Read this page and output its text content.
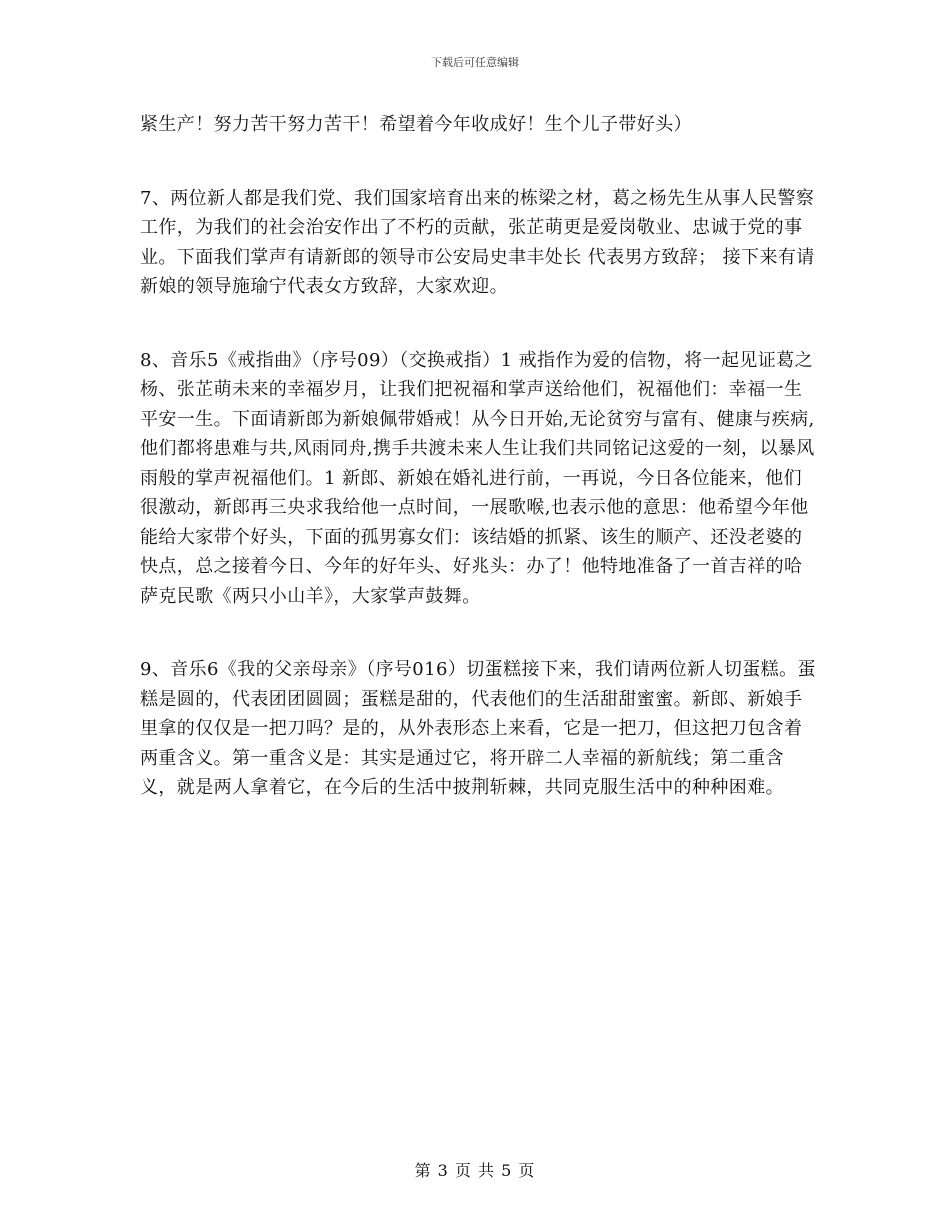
下载后可任意编辑

紧生产！努力苦干努力苦干！希望着今年收成好！生个儿子带好头）

7、两位新人都是我们党、我们国家培育出来的栋梁之材，葛之杨先生从事人民警察工作，为我们的社会治安作出了不朽的贡献，张芷萌更是爱岗敬业、忠诚于党的事业。下面我们掌声有请新郎的领导市公安局史聿丰处长 代表男方致辞； 接下来有请新娘的领导施瑜宁代表女方致辞，大家欢迎。

8、音乐5《戒指曲》（序号09）（交换戒指）1 戒指作为爱的信物，将一起见证葛之杨、张芷萌未来的幸福岁月，让我们把祝福和掌声送给他们，祝福他们：幸福一生 平安一生。下面请新郎为新娘佩带婚戒！从今日开始,无论贫穷与富有、健康与疾病,他们都将患难与共,风雨同舟,携手共渡未来人生让我们共同铭记这爱的一刻，以暴风雨般的掌声祝福他们。1 新郎、新娘在婚礼进行前，一再说，今日各位能来，他们很激动，新郎再三央求我给他一点时间，一展歌喉,也表示他的意思：他希望今年他能给大家带个好头，下面的孤男寡女们：该结婚的抓紧、该生的顺产、还没老婆的快点，总之接着今日、今年的好年头、好兆头：办了！他特地准备了一首吉祥的哈萨克民歌《两只小山羊》，大家掌声鼓舞。

9、音乐6《我的父亲母亲》（序号016）切蛋糕接下来，我们请两位新人切蛋糕。蛋糕是圆的，代表团团圆圆；蛋糕是甜的，代表他们的生活甜甜蜜蜜。新郎、新娘手里拿的仅仅是一把刀吗？是的，从外表形态上来看，它是一把刀，但这把刀包含着两重含义。第一重含义是：其实是通过它，将开辟二人幸福的新航线；第二重含义，就是两人拿着它，在今后的生活中披荆斩棘，共同克服生活中的种种困难。

第 3 页 共 5 页
